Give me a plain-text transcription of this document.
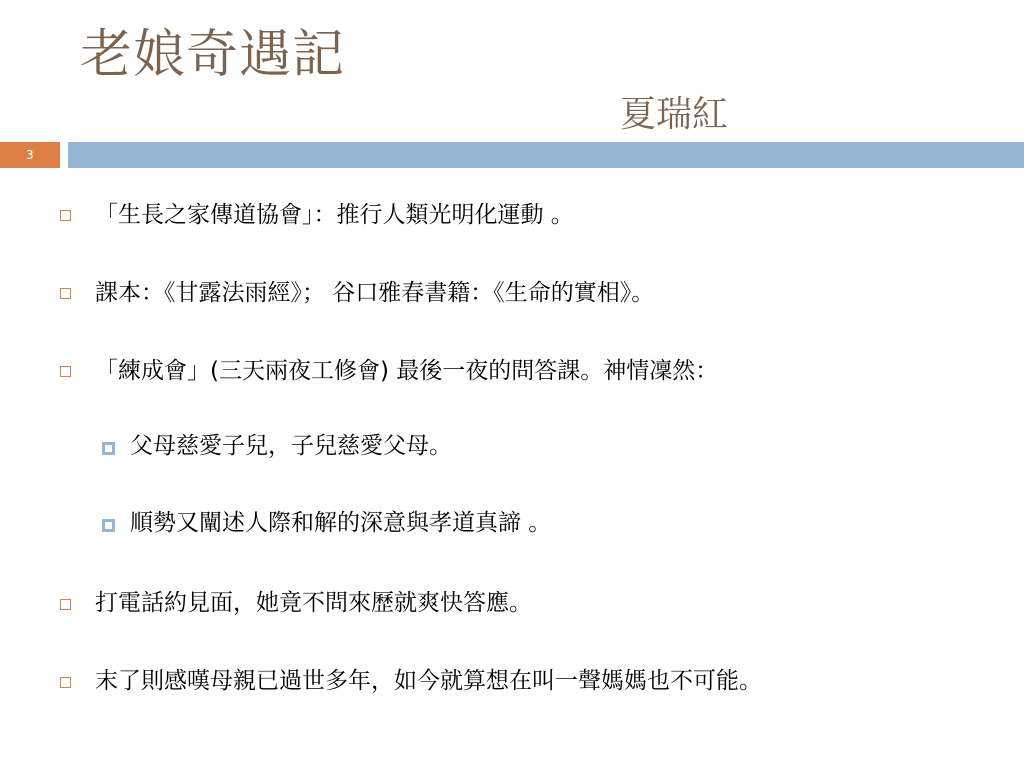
老娘奇遇記
夏瑞紅
3
「生長之家傳道協會」：推行人類光明化運動 。
課本：《甘露法雨經》； 谷口雅春書籍：《生命的實相》。
「練成會」(三天兩夜工修會) 最後一夜的問答課。神情凜然：
父母慈愛子兒，子兒慈愛父母。
順勢又闡述人際和解的深意與孝道真諦 。
打電話約見面，她竟不問來歷就爽快答應。
末了則感嘆母親已過世多年，如今就算想在叫一聲媽媽也不可能。
